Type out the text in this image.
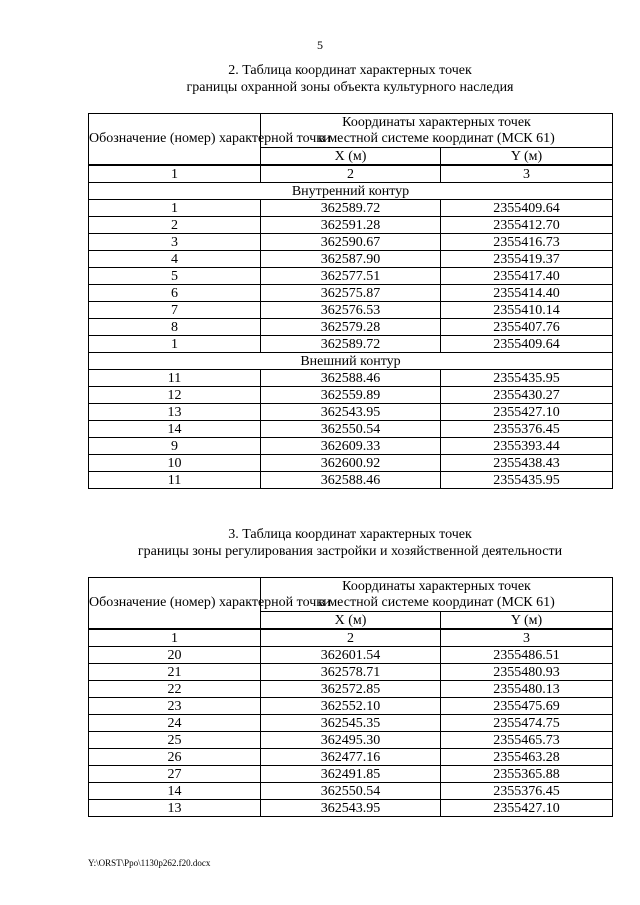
5
2. Таблица координат характерных точек
границы охранной зоны объекта культурного наследия
Обозначение (номер) характерной точки	Координаты характерных точек
в местной системе координат (МСК 61)	

	X (м)	Y (м)
1	2	3
Внутренний контур		
1	362589.72	2355409.64
2	362591.28	2355412.70
3	362590.67	2355416.73
4	362587.90	2355419.37
5	362577.51	2355417.40
6	362575.87	2355414.40
7	362576.53	2355410.14
8	362579.28	2355407.76
1	362589.72	2355409.64
Внешний контур		
11	362588.46	2355435.95
12	362559.89	2355430.27
13	362543.95	2355427.10
14	362550.54	2355376.45
9	362609.33	2355393.44
10	362600.92	2355438.43
11	362588.46	2355435.95
3. Таблица координат характерных точек
границы зоны регулирования застройки и хозяйственной деятельности
Обозначение (номер) характерной точки	Координаты характерных точек
в местной системе координат (МСК 61)	

	X (м)	Y (м)
1	2	3
20	362601.54	2355486.51
21	362578.71	2355480.93
22	362572.85	2355480.13
23	362552.10	2355475.69
24	362545.35	2355474.75
25	362495.30	2355465.73
26	362477.16	2355463.28
27	362491.85	2355365.88
14	362550.54	2355376.45
13	362543.95	2355427.10
Y:\ORST\Ppo\1130p262.f20.docx
